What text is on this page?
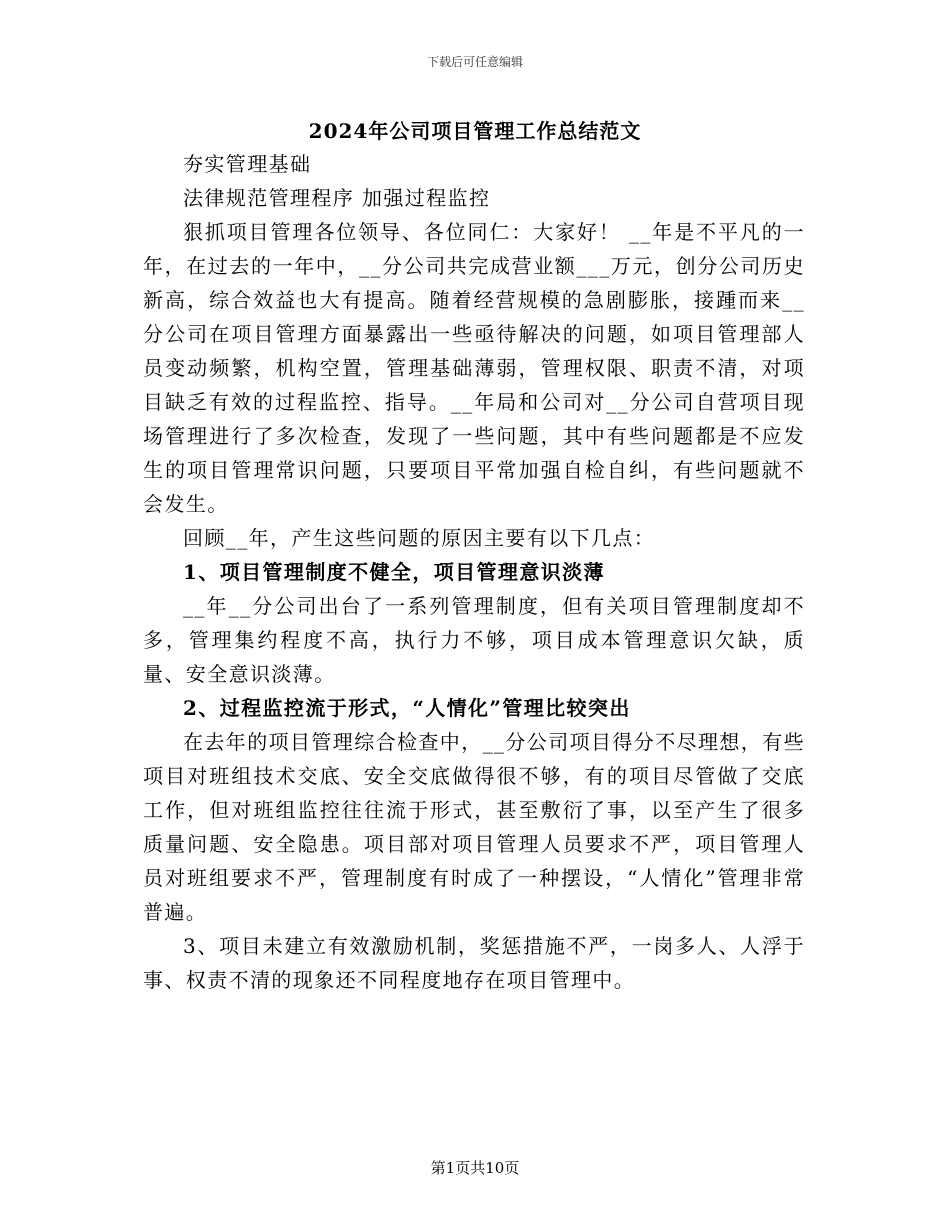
下载后可任意编辑
2024年公司项目管理工作总结范文

夯实管理基础

法律规范管理程序 加强过程监控

狠抓项目管理各位领导、各位同仁：大家好！ __年是不平凡的一年，在过去的一年中，__分公司共完成营业额___万元，创分公司历史新高，综合效益也大有提高。随着经营规模的急剧膨胀，接踵而来__分公司在项目管理方面暴露出一些亟待解决的问题，如项目管理部人员变动频繁，机构空置，管理基础薄弱，管理权限、职责不清，对项目缺乏有效的过程监控、指导。__年局和公司对__分公司自营项目现场管理进行了多次检查，发现了一些问题，其中有些问题都是不应发生的项目管理常识问题，只要项目平常加强自检自纠，有些问题就不会发生。

回顾__年，产生这些问题的原因主要有以下几点：

1、项目管理制度不健全，项目管理意识淡薄

__年__分公司出台了一系列管理制度，但有关项目管理制度却不多，管理集约程度不高，执行力不够，项目成本管理意识欠缺，质量、安全意识淡薄。

2、过程监控流于形式，“人情化”管理比较突出

在去年的项目管理综合检查中，__分公司项目得分不尽理想，有些项目对班组技术交底、安全交底做得很不够，有的项目尽管做了交底工作，但对班组监控往往流于形式，甚至敷衍了事，以至产生了很多质量问题、安全隐患。项目部对项目管理人员要求不严，项目管理人员对班组要求不严，管理制度有时成了一种摆设，“人情化”管理非常普遍。

3、项目未建立有效激励机制，奖惩措施不严，一岗多人、人浮于事、权责不清的现象还不同程度地存在项目管理中。

第1页共10页
